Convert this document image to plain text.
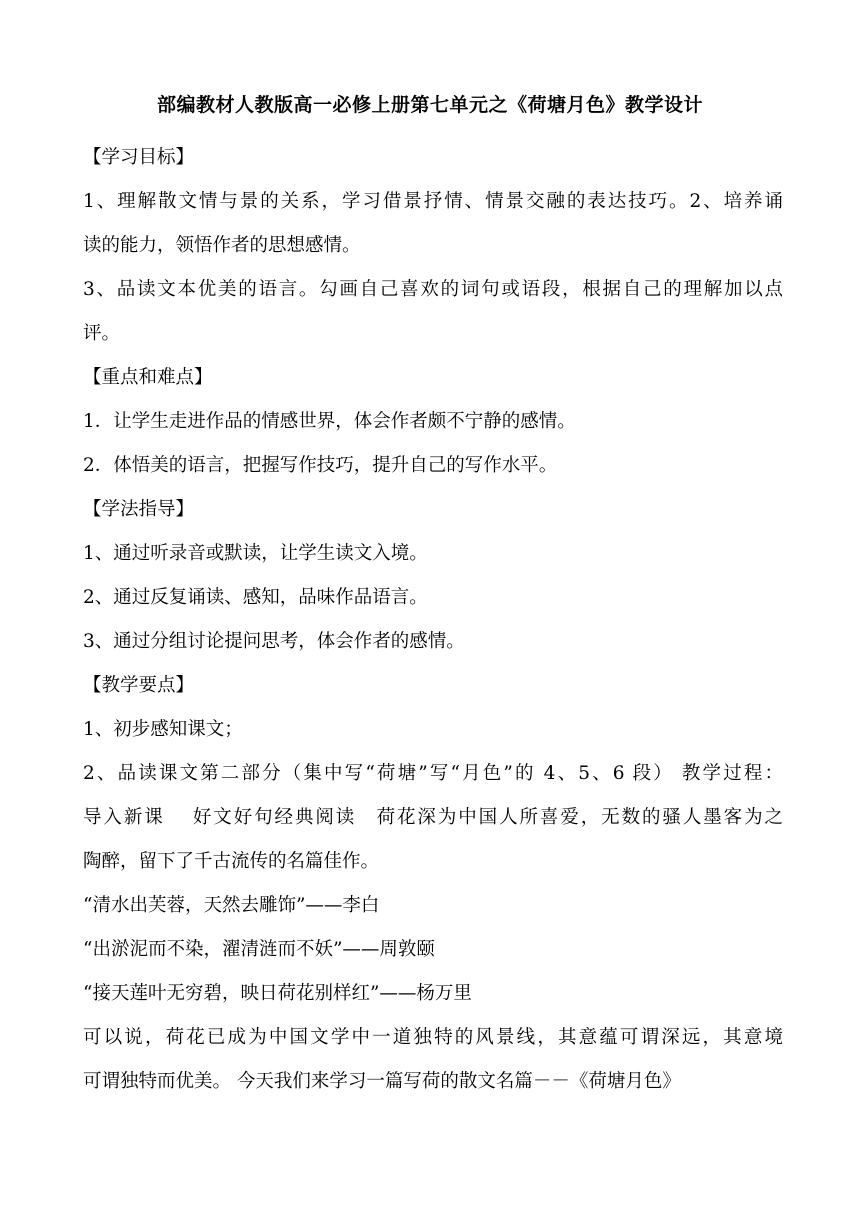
部编教材人教版高一必修上册第七单元之《荷塘月色》教学设计
【学习目标】
1、理解散文情与景的关系，学习借景抒情、情景交融的表达技巧。2、培养诵
读的能力，领悟作者的思想感情。
3、品读文本优美的语言。勾画自己喜欢的词句或语段，根据自己的理解加以点
评。
【重点和难点】
1．让学生走进作品的情感世界，体会作者颇不宁静的感情。
2．体悟美的语言，把握写作技巧，提升自己的写作水平。
【学法指导】
1、通过听录音或默读，让学生读文入境。
2、通过反复诵读、感知，品味作品语言。
3、通过分组讨论提问思考，体会作者的感情。
【教学要点】
1、初步感知课文；
2、品读课文第二部分（集中写“荷塘”写“月色”的 4、5、6 段） 教学过程：
导入新课　 好文好句经典阅读　荷花深为中国人所喜爱，无数的骚人墨客为之
陶醉，留下了千古流传的名篇佳作。
“清水出芙蓉，天然去雕饰”——李白
“出淤泥而不染，濯清涟而不妖”——周敦颐
“接天莲叶无穷碧，映日荷花别样红”——杨万里
可以说，荷花已成为中国文学中一道独特的风景线，其意蕴可谓深远，其意境
可谓独特而优美。 今天我们来学习一篇写荷的散文名篇－－《荷塘月色》
